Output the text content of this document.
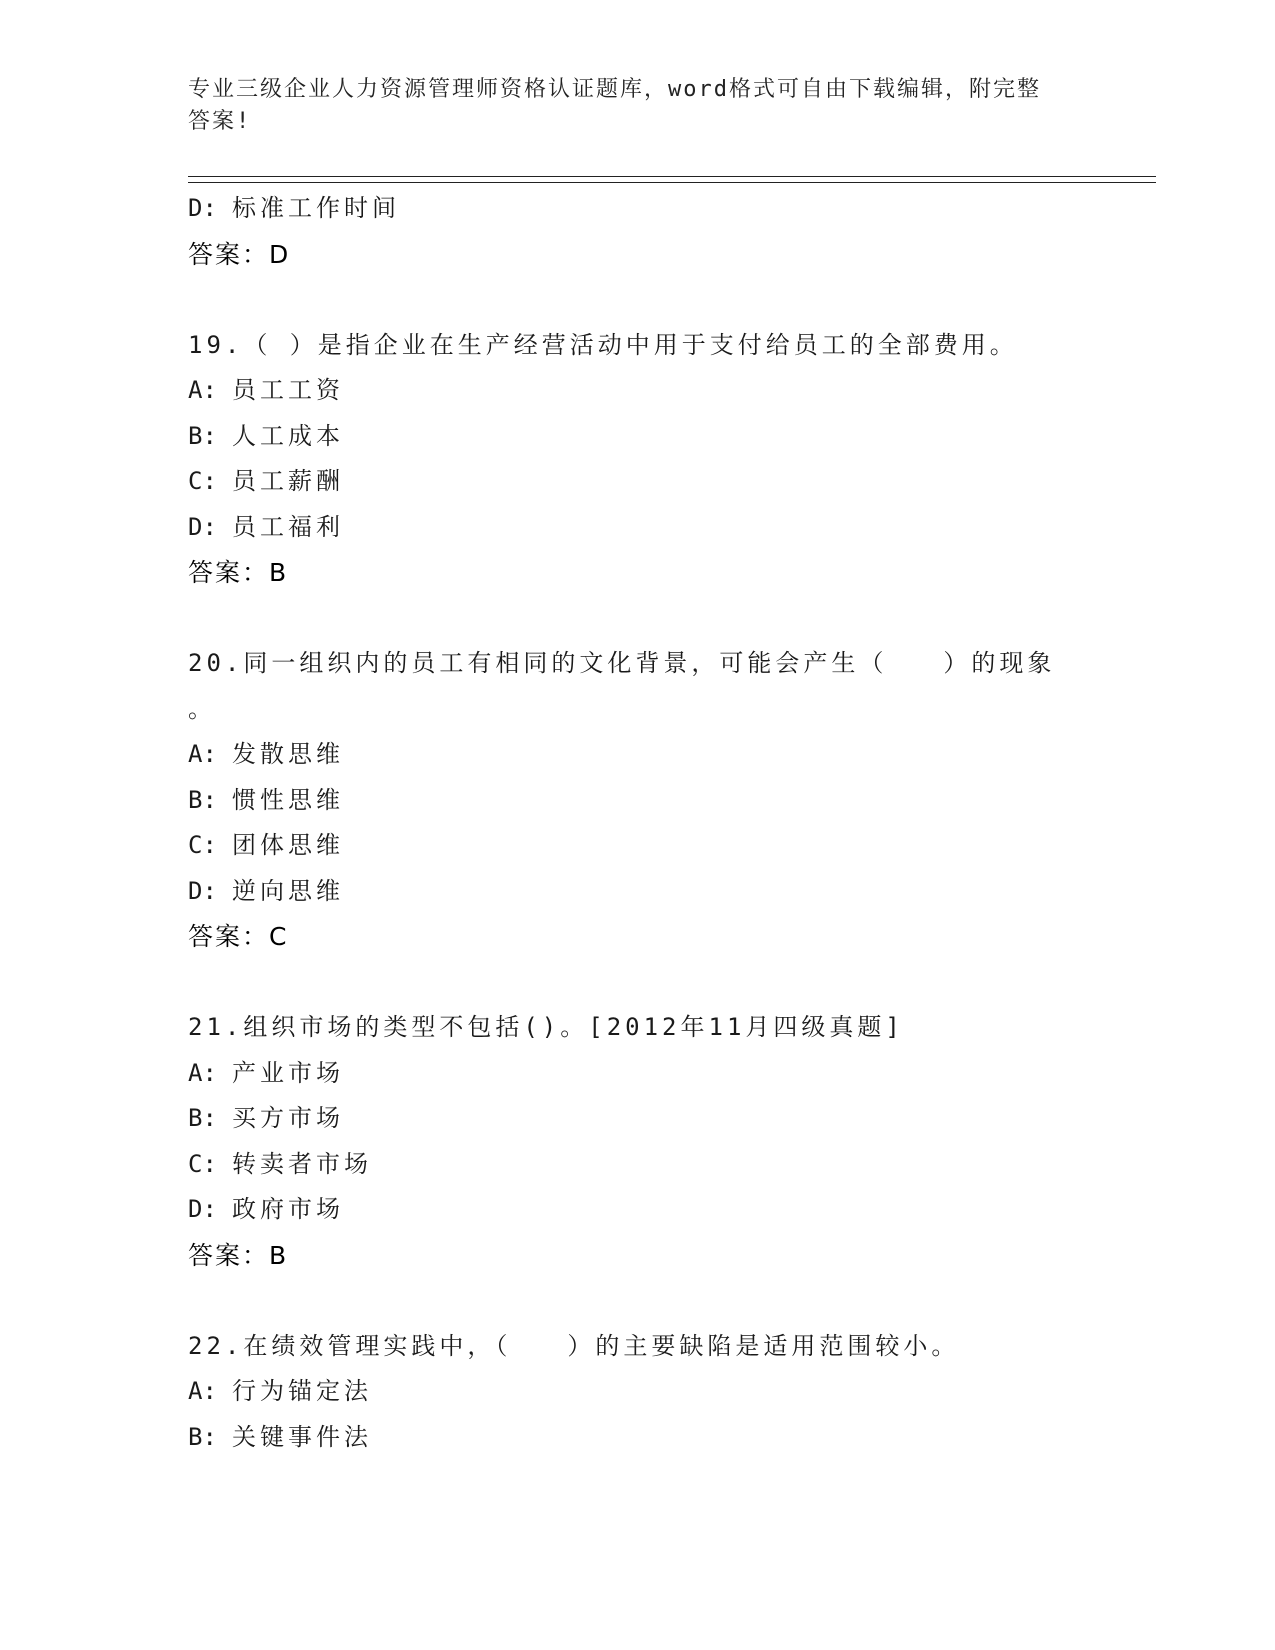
专业三级企业人力资源管理师资格认证题库，word格式可自由下载编辑，附完整
答案!
D: 标准工作时间
答案：D
19.（ ）是指企业在生产经营活动中用于支付给员工的全部费用。
A: 员工工资
B: 人工成本
C: 员工薪酬
D: 员工福利
答案：B
20.同一组织内的员工有相同的文化背景，可能会产生（　　）的现象
。
A: 发散思维
B: 惯性思维
C: 团体思维
D: 逆向思维
答案：C
21.组织市场的类型不包括()。[2012年11月四级真题]
A: 产业市场
B: 买方市场
C: 转卖者市场
D: 政府市场
答案：B
22.在绩效管理实践中，（　　）的主要缺陷是适用范围较小。
A: 行为锚定法
B: 关键事件法
